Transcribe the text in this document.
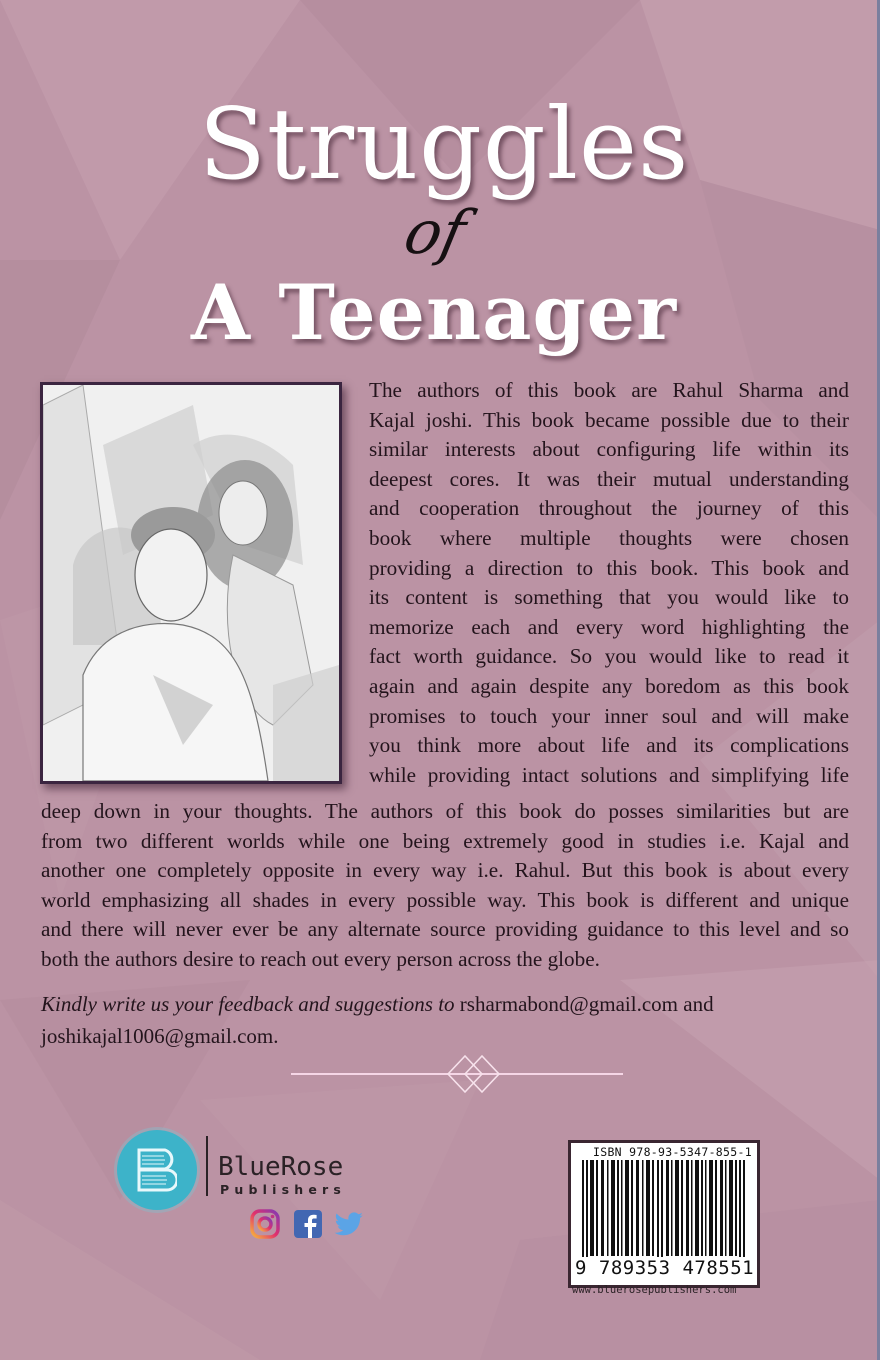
Struggles
of
A Teenager
The authors of this book are Rahul Sharma and
Kajal joshi. This book became possible due to their
similar interests about configuring life within its
deepest cores. It was their mutual understanding
and cooperation throughout the journey of this
book where multiple thoughts were chosen
providing a direction to this book. This book and
its content is something that you would like to
memorize each and every word highlighting the
fact worth guidance. So you would like to read it
again and again despite any boredom as this book
promises to touch your inner soul and will make
you think more about life and its complications
while providing intact solutions and simplifying life
deep down in your thoughts. The authors of this book do posses similarities but are
from two different worlds while one being extremely good in studies i.e. Kajal and
another one completely opposite in every way i.e. Rahul. But this book is about every
world emphasizing all shades in every possible way. This book is different and unique
and there will never ever be any alternate source providing guidance to this level and so
both the authors desire to reach out every person across the globe.
Kindly write us your feedback and suggestions to rsharmabond@gmail.com and
joshikajal1006@gmail.com.
BlueRose
Publishers
ISBN 978-93-5347-855-1
9 789353 478551
www.bluerosepublishers.com
